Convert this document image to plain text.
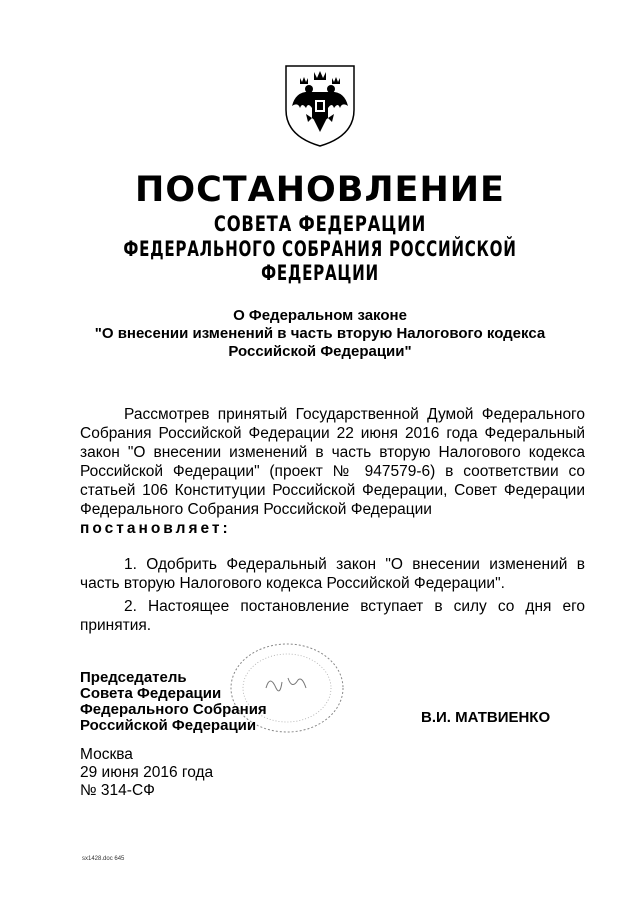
ПОСТАНОВЛЕНИЕ
СОВЕТА ФЕДЕРАЦИИ
ФЕДЕРАЛЬНОГО СОБРАНИЯ РОССИЙСКОЙ ФЕДЕРАЦИИ
О Федеральном законе
"О внесении изменений в часть вторую Налогового кодекса
Российской Федерации"
Рассмотрев принятый Государственной Думой Федерального Собрания Российской Федерации 22 июня 2016 года Федеральный закон "О внесении изменений в часть вторую Налогового кодекса Российской Федерации" (проект № 947579-6) в соответствии со статьей 106 Конституции Российской Федерации, Совет Федерации Федерального Собрания Российской Федерации
постановляет:
1. Одобрить Федеральный закон "О внесении изменений в часть вторую Налогового кодекса Российской Федерации".
2. Настоящее постановление вступает в силу со дня его принятия.
Председатель
Совета Федерации
Федерального Собрания
Российской Федерации	В.И. МАТВИЕНКО
Москва
29 июня 2016 года
№ 314-СФ
sx1428.doc 645
